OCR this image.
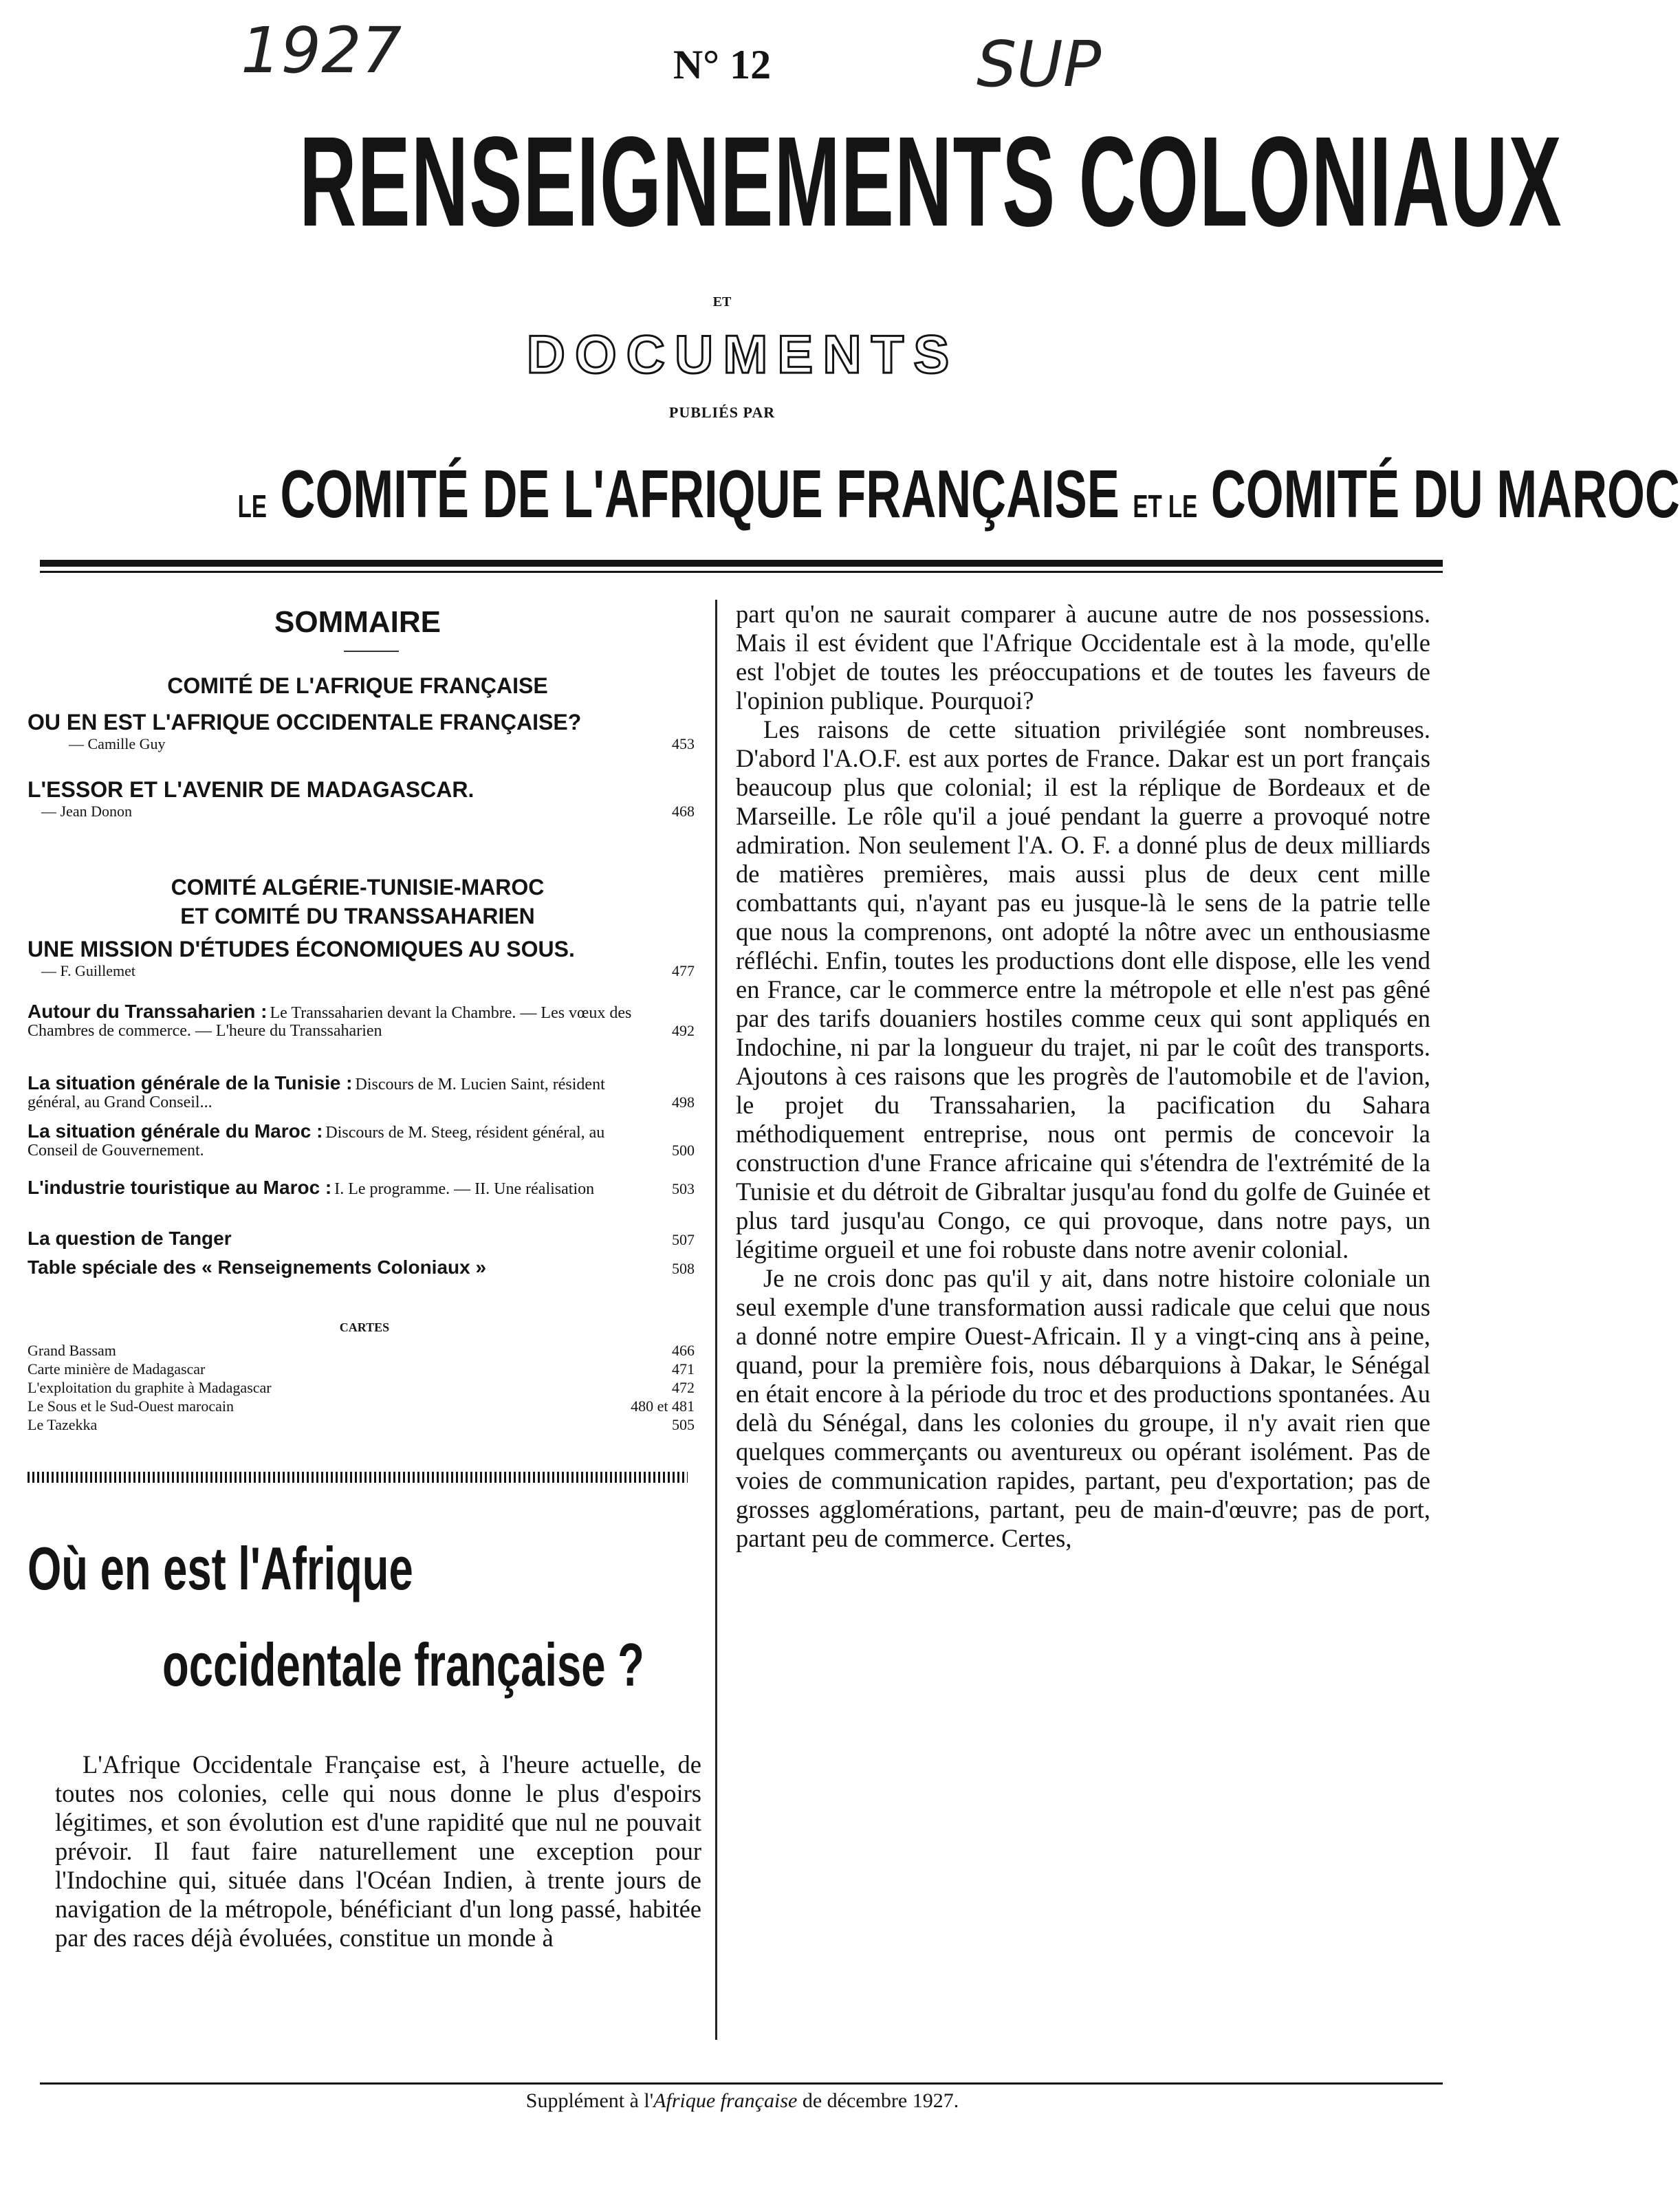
1927	SUP
N° 12
RENSEIGNEMENTS COLONIAUX
ET
DOCUMENTS
PUBLIÉS PAR
LE COMITÉ DE L'AFRIQUE FRANÇAISE ET LE COMITÉ DU MAROC
SOMMAIRE
COMITÉ DE L'AFRIQUE FRANÇAISE
OU EN EST L'AFRIQUE OCCIDENTALE FRANÇAISE?
— Camille Guy	453
L'ESSOR ET L'AVENIR DE MADAGASCAR.
— Jean Donon	468
COMITÉ ALGÉRIE-TUNISIE-MAROC
ET COMITÉ DU TRANSSAHARIEN
UNE MISSION D'ÉTUDES ÉCONOMIQUES AU SOUS.
— F. Guillemet	477
Autour du Transsaharien : Le Transsaharien devant la Chambre. — Les vœux des Chambres de commerce. — L'heure du Transsaharien	492
La situation générale de la Tunisie : Discours de M. Lucien Saint, résident général, au Grand Conseil...	498
La situation générale du Maroc : Discours de M. Steeg, résident général, au Conseil de Gouvernement.	500
L'industrie touristique au Maroc : I. Le programme. — II. Une réalisation	503
La question de Tanger	507
Table spéciale des « Renseignements Coloniaux »	508
CARTES
Grand Bassam	466
Carte minière de Madagascar	471
L'exploitation du graphite à Madagascar	472
Le Sous et le Sud-Ouest marocain	480 et 481
Le Tazekka	505
Où en est l'Afrique
occidentale française ?

L'Afrique Occidentale Française est, à l'heure actuelle, de toutes nos colonies, celle qui nous donne le plus d'espoirs légitimes, et son évolution est d'une rapidité que nul ne pouvait prévoir. Il faut faire naturellement une exception pour l'Indochine qui, située dans l'Océan Indien, à trente jours de navigation de la métropole, bénéficiant d'un long passé, habitée par des races déjà évoluées, constitue un monde à

part qu'on ne saurait comparer à aucune autre de nos possessions. Mais il est évident que l'Afrique Occidentale est à la mode, qu'elle est l'objet de toutes les préoccupations et de toutes les faveurs de l'opinion publique. Pourquoi?

Les raisons de cette situation privilégiée sont nombreuses. D'abord l'A.O.F. est aux portes de France. Dakar est un port français beaucoup plus que colonial; il est la réplique de Bordeaux et de Marseille. Le rôle qu'il a joué pendant la guerre a provoqué notre admiration. Non seulement l'A. O. F. a donné plus de deux milliards de matières premières, mais aussi plus de deux cent mille combattants qui, n'ayant pas eu jusque-là le sens de la patrie telle que nous la comprenons, ont adopté la nôtre avec un enthousiasme réfléchi. Enfin, toutes les productions dont elle dispose, elle les vend en France, car le commerce entre la métropole et elle n'est pas gêné par des tarifs douaniers hostiles comme ceux qui sont appliqués en Indochine, ni par la longueur du trajet, ni par le coût des transports. Ajoutons à ces raisons que les progrès de l'automobile et de l'avion, le projet du Transsaharien, la pacification du Sahara méthodiquement entreprise, nous ont permis de concevoir la construction d'une France africaine qui s'étendra de l'extrémité de la Tunisie et du détroit de Gibraltar jusqu'au fond du golfe de Guinée et plus tard jusqu'au Congo, ce qui provoque, dans notre pays, un légitime orgueil et une foi robuste dans notre avenir colonial.

Je ne crois donc pas qu'il y ait, dans notre histoire coloniale un seul exemple d'une transformation aussi radicale que celui que nous a donné notre empire Ouest-Africain. Il y a vingt-cinq ans à peine, quand, pour la première fois, nous débarquions à Dakar, le Sénégal en était encore à la période du troc et des productions spontanées. Au delà du Sénégal, dans les colonies du groupe, il n'y avait rien que quelques commerçants ou aventureux ou opérant isolément. Pas de voies de communication rapides, partant, peu d'exportation; pas de grosses agglomérations, partant, peu de main-d'œuvre; pas de port, partant peu de commerce. Certes,

Supplément à l'Afrique française de décembre 1927.
